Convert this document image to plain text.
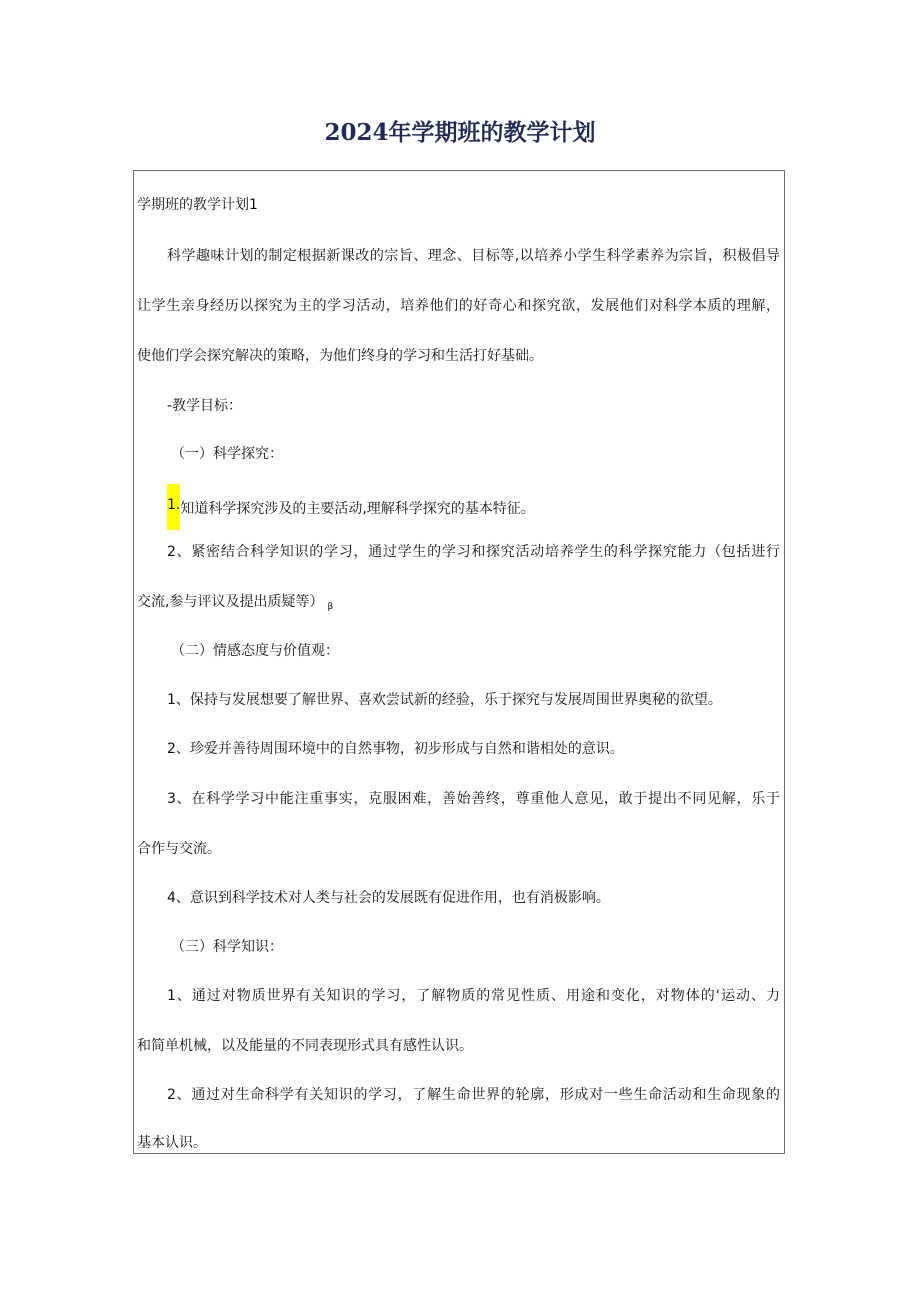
2024年学期班的教学计划
学期班的教学计划1
科学趣味计划的制定根据新课改的宗旨、理念、目标等,以培养小学生科学素养为宗旨，积极倡导
让学生亲身经历以探究为主的学习活动，培养他们的好奇心和探究欲，发展他们对科学本质的理解，
使他们学会探究解决的策略，为他们终身的学习和生活打好基础。
-教学目标：
（一）科学探究：
1.知道科学探究涉及的主要活动,理解科学探究的基本特征。
2、紧密结合科学知识的学习，通过学生的学习和探究活动培养学生的科学探究能力（包括进行
交流,参与评议及提出质疑等） $_\beta$
（二）情感态度与价值观：
1、保持与发展想要了解世界、喜欢尝试新的经验，乐于探究与发展周围世界奥秘的欲望。
2、珍爱并善待周围环境中的自然事物，初步形成与自然和谐相处的意识。
3、在科学学习中能注重事实，克服困难，善始善终，尊重他人意见，敢于提出不同见解，乐于
合作与交流。
4、意识到科学技术对人类与社会的发展既有促进作用，也有消极影响。
（三）科学知识：
1、通过对物质世界有关知识的学习，了解物质的常见性质、用途和变化，对物体的‘运动、力
和简单机械，以及能量的不同表现形式具有感性认识。
2、通过对生命科学有关知识的学习，了解生命世界的轮廓，形成对一些生命活动和生命现象的
基本认识。
